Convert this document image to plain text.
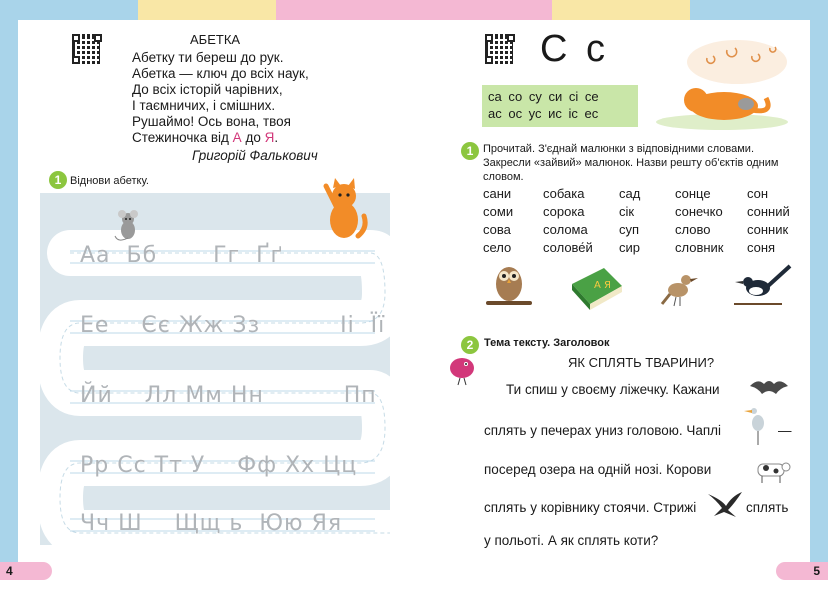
АБЕТКА
Абетку ти береш до рук.
Абетка — ключ до всіх наук,
До всіх історій чарівних,
І таємничих, і смішних.
Рушаймо! Ось вона, твоя
Стежиночка від А до Я.
Григорій Фалькович
1 Віднови абетку.
Аа  Бб       Гг  Ґґ
Ее    Єє Жж Зз          Іі  Її
Йй    Лл Мм Нн          Пп
Рр Сс Тт У    Фф Хх Цц
Чч Ш    Щщ ь  Юю Яя
4
С с
са со су си сі се
ас ос ус ис іс ес
1 Прочитай. З'єднай малюнки з відповідними словами. Закресли «зайвий» малюнок. Назви решту об'єктів одним словом.
сани	собака	сад	сонце	сон
соми	сорока	сік	сонечко	сонний
сова	солома	суп	слово	сонник
село	солове́й	сир	словник	соня
А Я
2 Тема тексту. Заголовок
ЯК СПЛЯТЬ ТВАРИНИ?
Ти спиш у своєму ліжечку. Кажани
сплять у печерах униз головою. Чаплі	—
посеред озера на одній нозі. Корови
сплять у корівнику стоячи. Стрижі	сплять
у польоті. А як сплять коти?
5
